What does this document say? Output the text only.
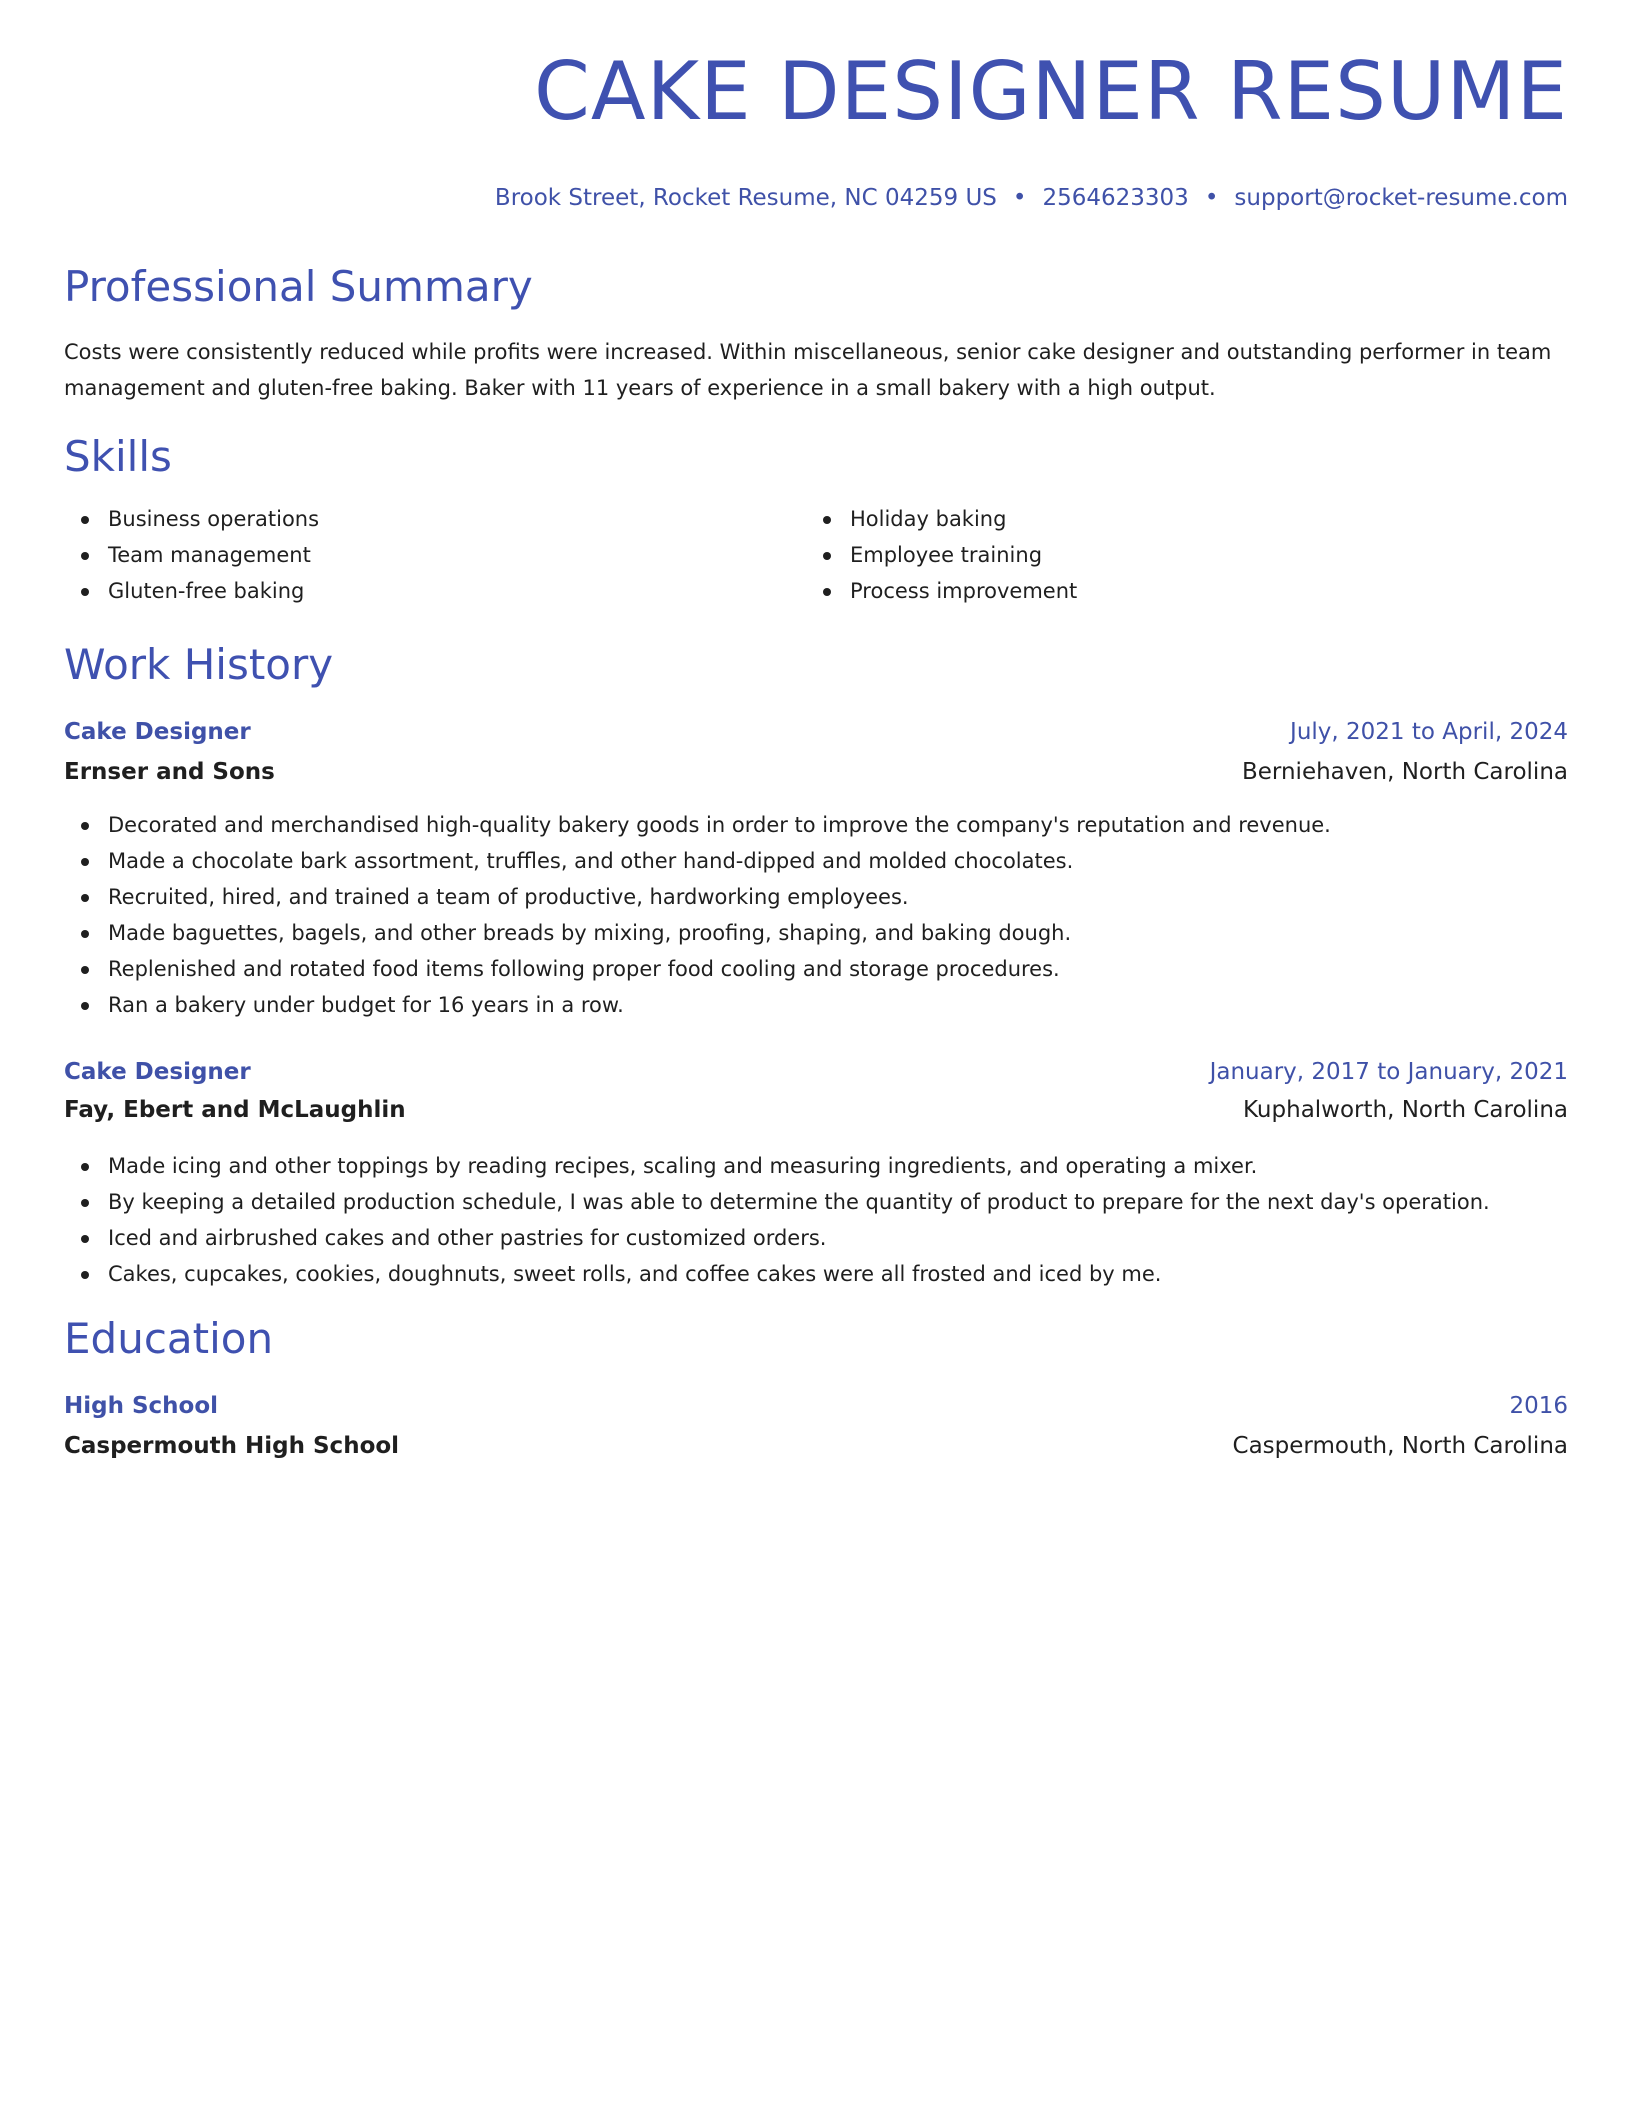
CAKE DESIGNER RESUME
Brook Street, Rocket Resume, NC 04259 US • 2564623303 • support@rocket-resume.com
Professional Summary

Costs were consistently reduced while profits were increased. Within miscellaneous, senior cake designer and outstanding performer in team management and gluten-free baking. Baker with 11 years of experience in a small bakery with a high output.

Skills
Business operations
Team management
Gluten-free baking
Holiday baking
Employee training
Process improvement
Work History
Cake Designer	July, 2021 to April, 2024
Ernser and Sons	Berniehaven, North Carolina
Decorated and merchandised high-quality bakery goods in order to improve the company's reputation and revenue.
Made a chocolate bark assortment, truffles, and other hand-dipped and molded chocolates.
Recruited, hired, and trained a team of productive, hardworking employees.
Made baguettes, bagels, and other breads by mixing, proofing, shaping, and baking dough.
Replenished and rotated food items following proper food cooling and storage procedures.
Ran a bakery under budget for 16 years in a row.
Cake Designer	January, 2017 to January, 2021
Fay, Ebert and McLaughlin	Kuphalworth, North Carolina
Made icing and other toppings by reading recipes, scaling and measuring ingredients, and operating a mixer.
By keeping a detailed production schedule, I was able to determine the quantity of product to prepare for the next day's operation.
Iced and airbrushed cakes and other pastries for customized orders.
Cakes, cupcakes, cookies, doughnuts, sweet rolls, and coffee cakes were all frosted and iced by me.
Education
High School	2016
Caspermouth High School	Caspermouth, North Carolina
